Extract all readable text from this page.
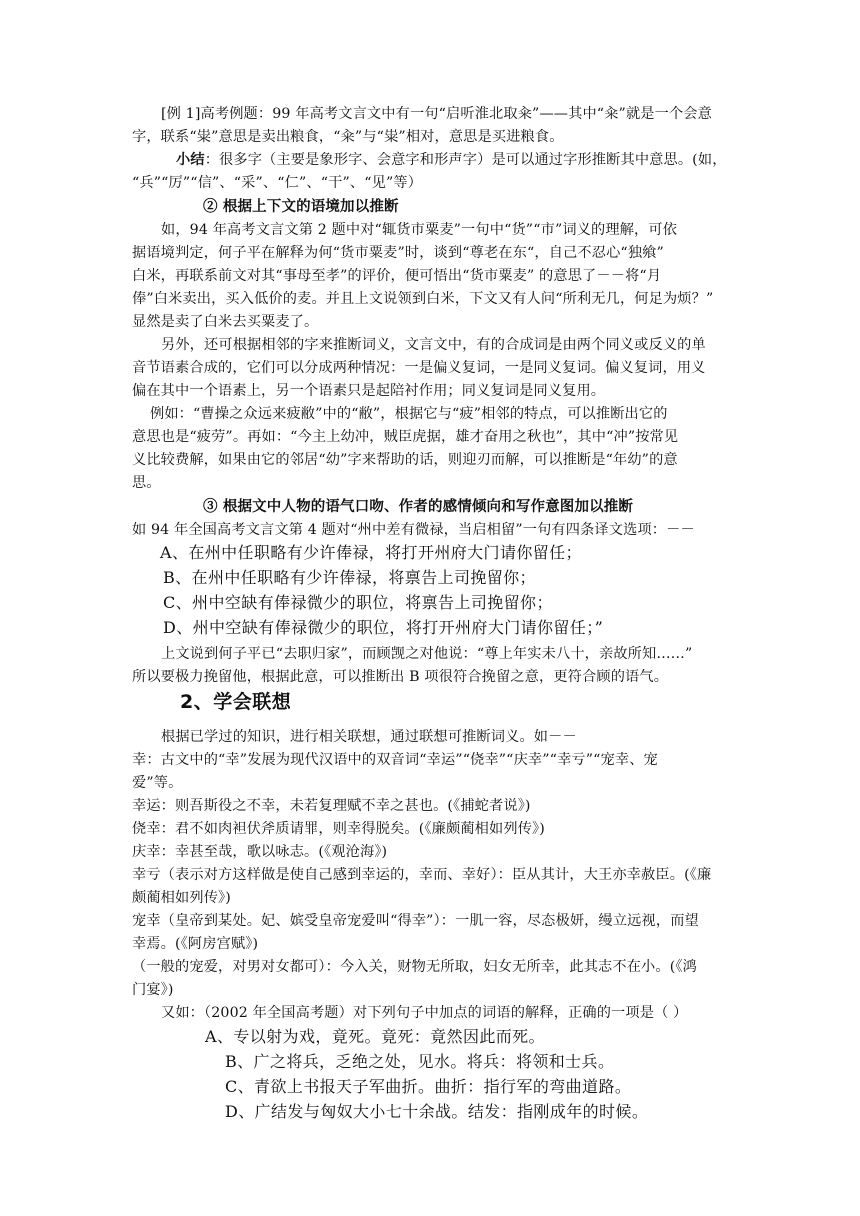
[例 1]高考例题：99 年高考文言文中有一句“启听淮北取籴”——其中“籴”就是一个会意
字，联系“粜”意思是卖出粮食，“籴”与“粜”相对，意思是买进粮食。
小结：很多字（主要是象形字、会意字和形声字）是可以通过字形推断其中意思。(如，
“兵”“厉”“信”、“采”、“仁”、“干”、“见”等）
② 根据上下文的语境加以推断
如，94 年高考文言文第 2 题中对“辄货市粟麦”一句中“货”“市”词义的理解，可依
据语境判定，何子平在解释为何“货市粟麦”时，谈到“尊老在东“，自己不忍心“独飨”
白米，再联系前文对其“事母至孝”的评价，便可悟出“货市粟麦” 的意思了－－将“月
俸”白米卖出，买入低价的麦。并且上文说领到白米，下文又有人问“所利无几，何足为烦？”
显然是卖了白米去买粟麦了。
另外，还可根据相邻的字来推断词义，文言文中，有的合成词是由两个同义或反义的单
音节语素合成的，它们可以分成两种情况：一是偏义复词，一是同义复词。偏义复词，用义
偏在其中一个语素上，另一个语素只是起陪衬作用；同义复词是同义复用。
例如：“曹操之众远来疲敝”中的“敝”，根据它与“疲”相邻的特点，可以推断出它的
意思也是“疲劳”。再如：“今主上幼冲，贼臣虎据，雄才奋用之秋也”，其中“冲”按常见
义比较费解，如果由它的邻居“幼”字来帮助的话，则迎刃而解，可以推断是“年幼”的意
思。
③ 根据文中人物的语气口吻、作者的感情倾向和写作意图加以推断
如 94 年全国高考文言文第 4 题对“州中差有微禄，当启相留”一句有四条译文选项：－－
A、在州中任职略有少许俸禄，将打开州府大门请你留任；
B、在州中任职略有少许俸禄，将禀告上司挽留你；
C、州中空缺有俸禄微少的职位，将禀告上司挽留你；
D、州中空缺有俸禄微少的职位，将打开州府大门请你留任；”
上文说到何子平已“去职归家”，而顾觊之对他说：“尊上年实未八十，亲故所知……”
所以要极力挽留他，根据此意，可以推断出 B 项很符合挽留之意，更符合顾的语气。
2、学会联想
根据已学过的知识，进行相关联想，通过联想可推断词义。如－－
幸：古文中的“幸”发展为现代汉语中的双音词“幸运”“侥幸”“庆幸”“幸亏”“宠幸、宠
爱”等。
幸运：则吾斯役之不幸，未若复理赋不幸之甚也。(《捕蛇者说》)
侥幸：君不如肉袒伏斧质请罪，则幸得脱矣。(《廉颇蔺相如列传》)
庆幸：幸甚至哉，歌以咏志。(《观沧海》)
幸亏（表示对方这样做是使自己感到幸运的，幸而、幸好）：臣从其计，大王亦幸赦臣。(《廉
颇蔺相如列传》)
宠幸（皇帝到某处。妃、嫔受皇帝宠爱叫“得幸”）：一肌一容，尽态极妍，缦立远视，而望
幸焉。(《阿房宫赋》)
（一般的宠爱，对男对女都可）：今入关，财物无所取，妇女无所幸，此其志不在小。(《鸿
门宴》)
又如：（2002 年全国高考题）对下列句子中加点的词语的解释，正确的一项是（ ）
A、专以射为戏，竟死。竟死：竟然因此而死。
B、广之将兵，乏绝之处，见水。将兵：将领和士兵。
C、青欲上书报天子军曲折。曲折：指行军的弯曲道路。
D、广结发与匈奴大小七十余战。结发：指刚成年的时候。
